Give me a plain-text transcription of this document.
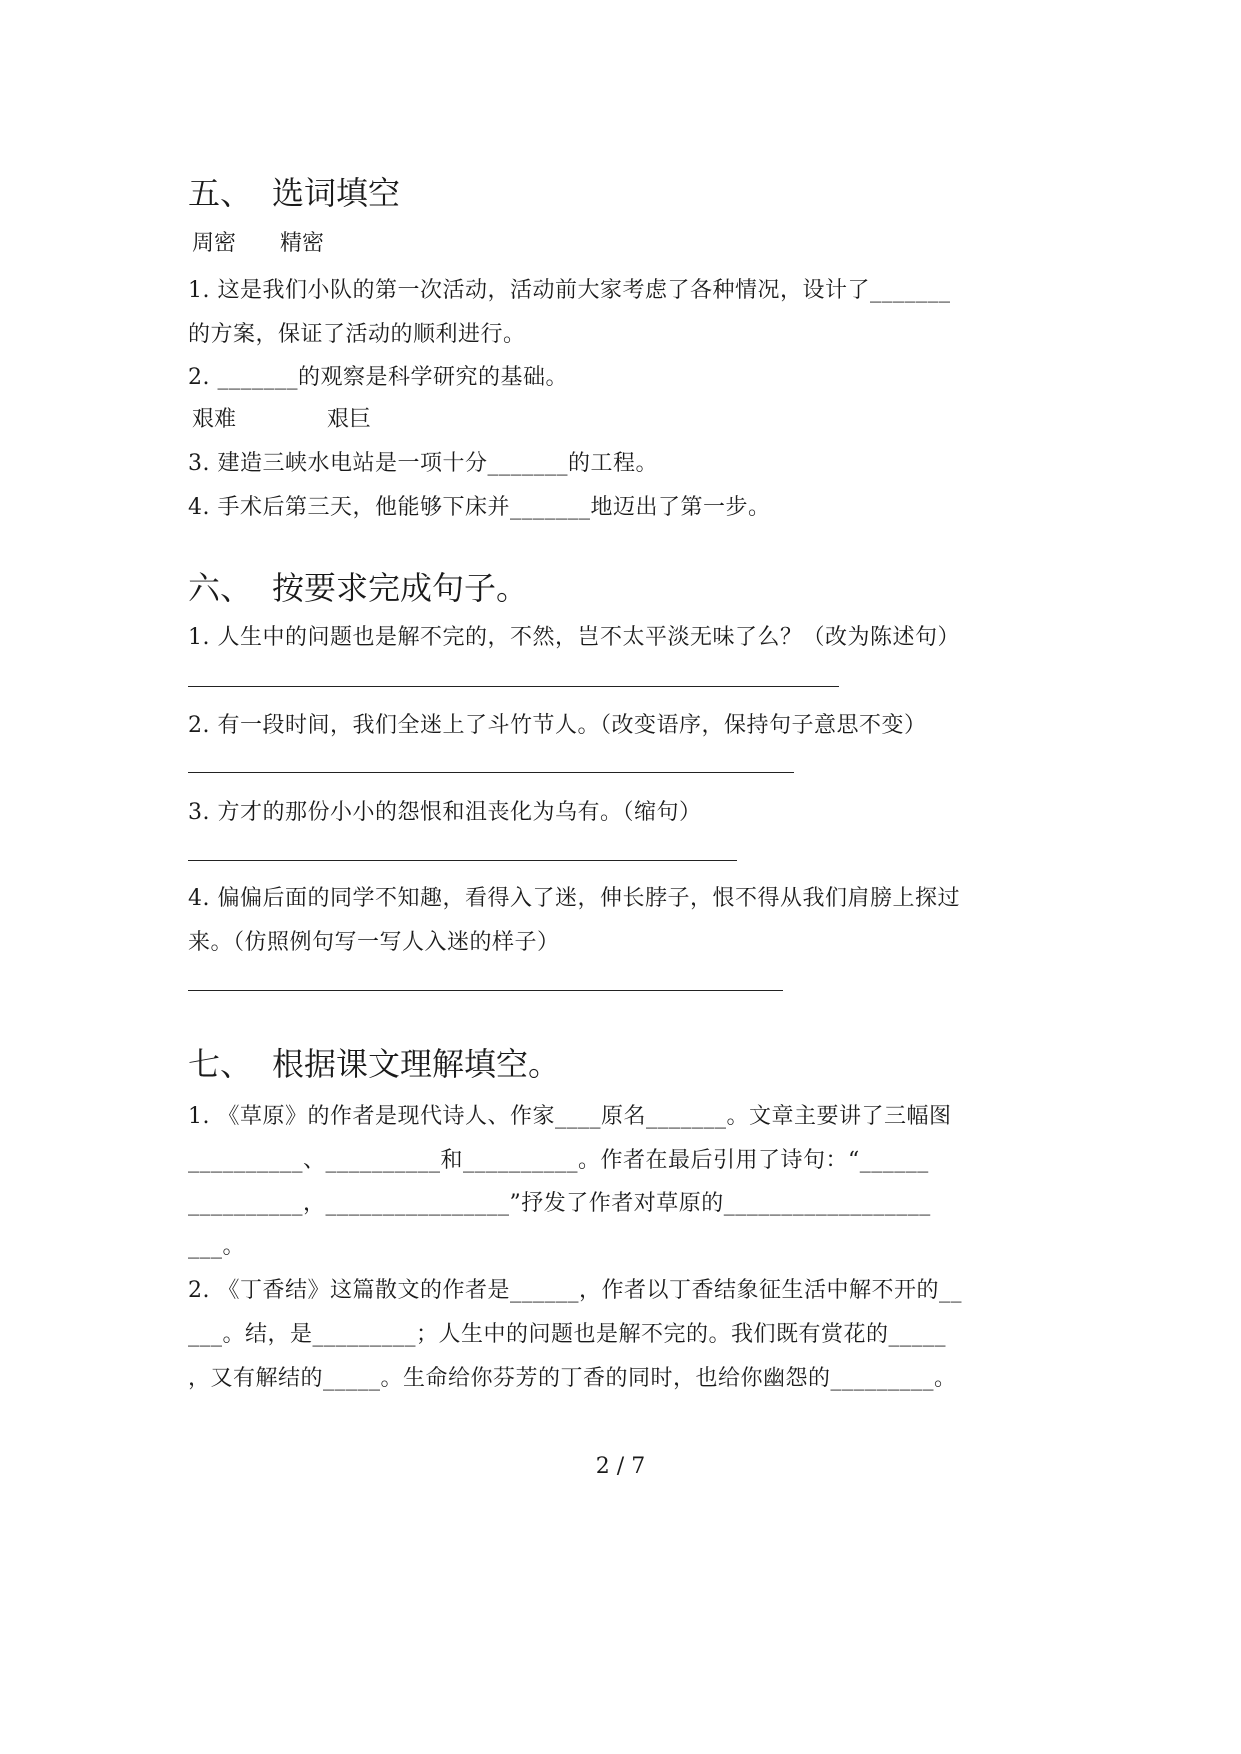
五、 选词填空
周密 精密
1. 这是我们小队的第一次活动，活动前大家考虑了各种情况，设计了_______
的方案，保证了活动的顺利进行。
2. _______的观察是科学研究的基础。
艰难	艰巨
3. 建造三峡水电站是一项十分_______的工程。
4. 手术后第三天，他能够下床并_______地迈出了第一步。
六、 按要求完成句子。
1. 人生中的问题也是解不完的，不然，岂不太平淡无味了么？（改为陈述句）
2. 有一段时间，我们全迷上了斗竹节人。（改变语序，保持句子意思不变）
3. 方才的那份小小的怨恨和沮丧化为乌有。（缩句）
4. 偏偏后面的同学不知趣，看得入了迷，伸长脖子，恨不得从我们肩膀上探过
来。（仿照例句写一写人入迷的样子）
七、 根据课文理解填空。
1. 《草原》的作者是现代诗人、作家____原名_______。文章主要讲了三幅图
__________、__________和__________。作者在最后引用了诗句：“______
__________，________________”抒发了作者对草原的__________________
___。
2. 《丁香结》这篇散文的作者是______，作者以丁香结象征生活中解不开的__
___。结，是_________；人生中的问题也是解不完的。我们既有赏花的_____
，又有解结的_____。生命给你芬芳的丁香的同时，也给你幽怨的_________。
2 / 7
